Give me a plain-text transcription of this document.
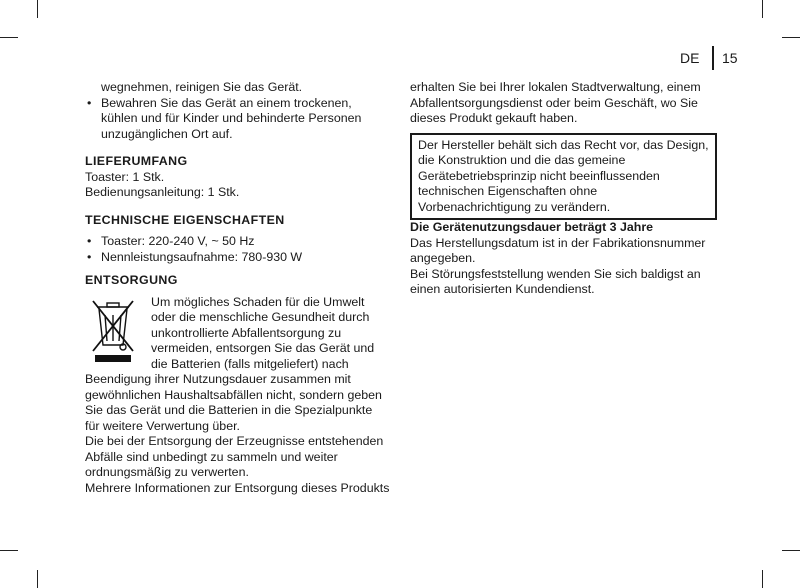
DE 15

wegnehmen, reinigen Sie das Gerät.

• Bewahren Sie das Gerät an einem trockenen, kühlen und für Kinder und behinderte Personen unzugänglichen Ort auf.
LIEFERUMFANG

Toaster: 1 Stk.

Bedienungsanleitung: 1 Stk.

TECHNISCHE EIGENSCHAFTEN
• Toaster: 220-240 V, ~ 50 Hz
• Nennleistungsaufnahme: 780-930 W
ENTSORGUNG

Um mögliches Schaden für die Umwelt oder die menschliche Gesundheit durch unkontrollierte Abfallentsorgung zu vermeiden, entsorgen Sie das Gerät und die Batterien (falls mitgeliefert) nach Beendigung ihrer Nutzungsdauer zusammen mit gewöhnlichen Haushaltsabfällen nicht, sondern geben Sie das Gerät und die Batterien in die Spezialpunkte für weitere Verwertung über.

Die bei der Entsorgung der Erzeugnisse entstehenden Abfälle sind unbedingt zu sammeln und weiter ordnungsmäßig zu verwerten.

Mehrere Informationen zur Entsorgung dieses Produkts

erhalten Sie bei Ihrer lokalen Stadtverwaltung, einem Abfallentsorgungsdienst oder beim Geschäft, wo Sie dieses Produkt gekauft haben.

Der Hersteller behält sich das Recht vor, das Design, die Konstruktion und die das gemeine Gerätebetriebsprinzip nicht beeinflussenden technischen Eigenschaften ohne Vorbenachrichtigung zu verändern.

Die Gerätenutzungsdauer beträgt 3 Jahre

Das Herstellungsdatum ist in der Fabrikationsnummer angegeben.

Bei Störungsfeststellung wenden Sie sich baldigst an einen autorisierten Kundendienst.
